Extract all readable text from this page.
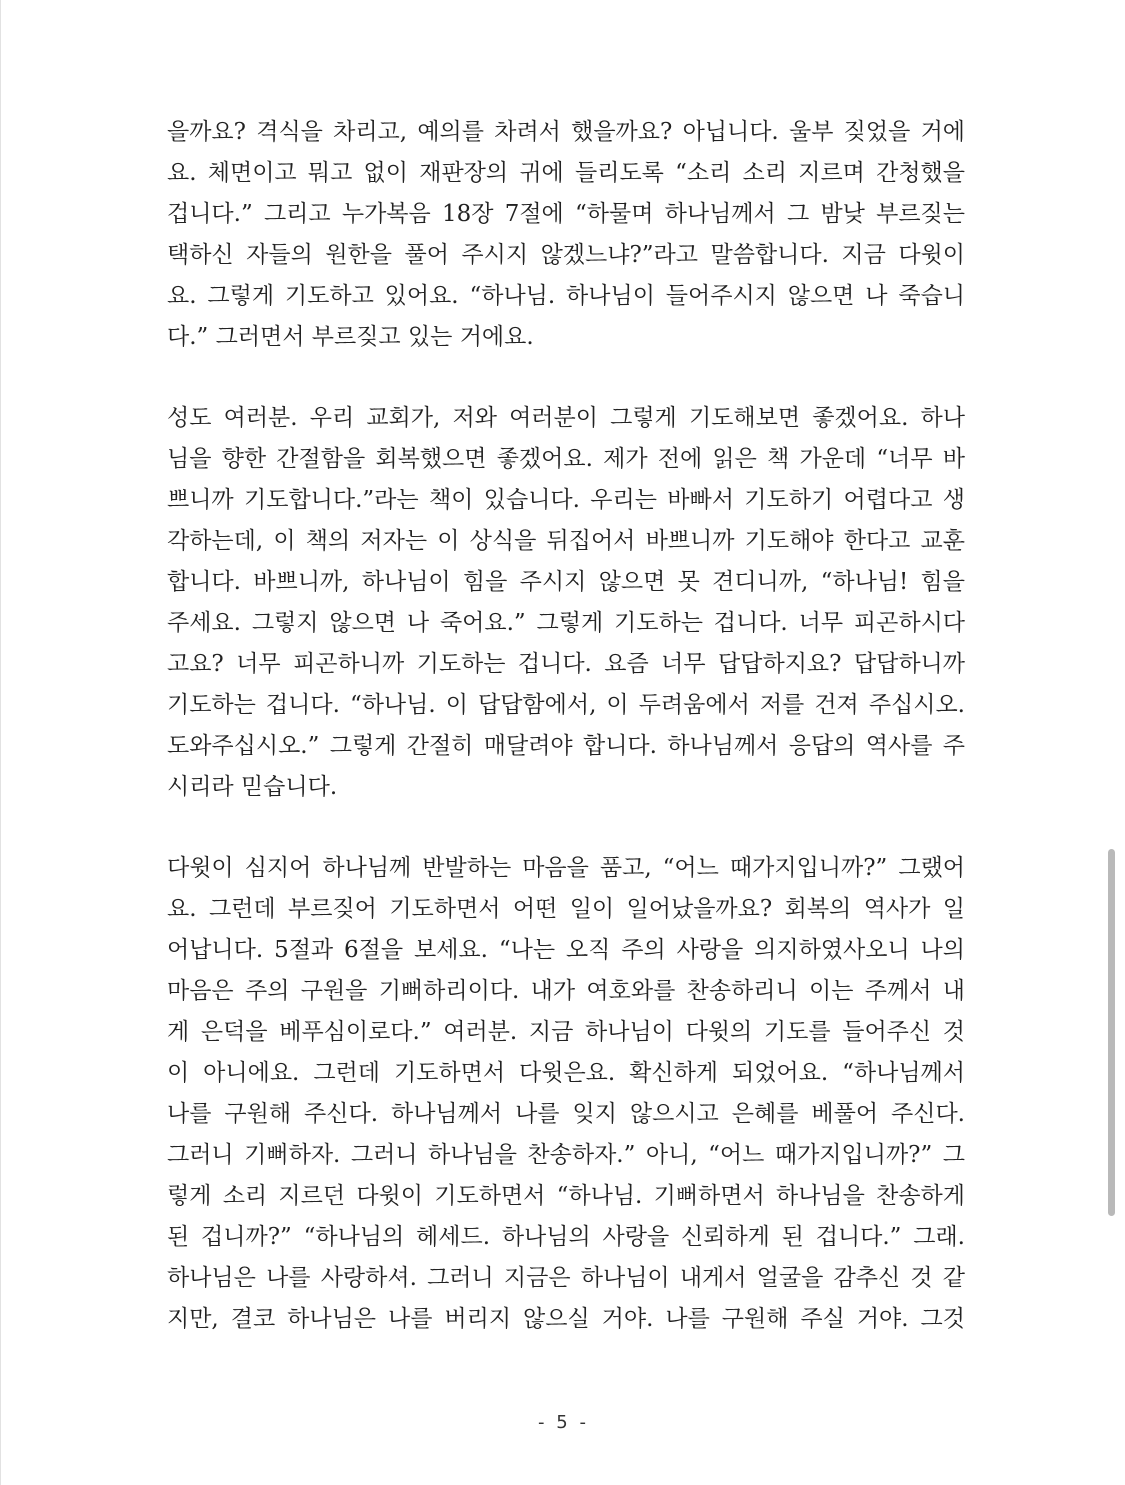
을까요? 격식을 차리고, 예의를 차려서 했을까요? 아닙니다. 울부 짖었을 거에
요. 체면이고 뭐고 없이 재판장의 귀에 들리도록 “소리 소리 지르며 간청했을
겁니다.” 그리고 누가복음 18장 7절에 “하물며 하나님께서 그 밤낮 부르짖는
택하신 자들의 원한을 풀어 주시지 않겠느냐?”라고 말씀합니다. 지금 다윗이
요. 그렇게 기도하고 있어요. “하나님. 하나님이 들어주시지 않으면 나 죽습니
다.” 그러면서 부르짖고 있는 거에요.
성도 여러분. 우리 교회가, 저와 여러분이 그렇게 기도해보면 좋겠어요. 하나
님을 향한 간절함을 회복했으면 좋겠어요. 제가 전에 읽은 책 가운데 “너무 바
쁘니까 기도합니다.”라는 책이 있습니다. 우리는 바빠서 기도하기 어렵다고 생
각하는데, 이 책의 저자는 이 상식을 뒤집어서 바쁘니까 기도해야 한다고 교훈
합니다. 바쁘니까, 하나님이 힘을 주시지 않으면 못 견디니까, “하나님! 힘을
주세요. 그렇지 않으면 나 죽어요.” 그렇게 기도하는 겁니다. 너무 피곤하시다
고요? 너무 피곤하니까 기도하는 겁니다. 요즘 너무 답답하지요? 답답하니까
기도하는 겁니다. “하나님. 이 답답함에서, 이 두려움에서 저를 건져 주십시오.
도와주십시오.” 그렇게 간절히 매달려야 합니다. 하나님께서 응답의 역사를 주
시리라 믿습니다.
다윗이 심지어 하나님께 반발하는 마음을 품고, “어느 때가지입니까?” 그랬어
요. 그런데 부르짖어 기도하면서 어떤 일이 일어났을까요? 회복의 역사가 일
어납니다. 5절과 6절을 보세요. “나는 오직 주의 사랑을 의지하였사오니 나의
마음은 주의 구원을 기뻐하리이다. 내가 여호와를 찬송하리니 이는 주께서 내
게 은덕을 베푸심이로다.” 여러분. 지금 하나님이 다윗의 기도를 들어주신 것
이 아니에요. 그런데 기도하면서 다윗은요. 확신하게 되었어요. “하나님께서
나를 구원해 주신다. 하나님께서 나를 잊지 않으시고 은혜를 베풀어 주신다.
그러니 기뻐하자. 그러니 하나님을 찬송하자.” 아니, “어느 때가지입니까?” 그
렇게 소리 지르던 다윗이 기도하면서 “하나님. 기뻐하면서 하나님을 찬송하게
된 겁니까?” “하나님의 헤세드. 하나님의 사랑을 신뢰하게 된 겁니다.” 그래.
하나님은 나를 사랑하셔. 그러니 지금은 하나님이 내게서 얼굴을 감추신 것 같
지만, 결코 하나님은 나를 버리지 않으실 거야. 나를 구원해 주실 거야. 그것
- 5 -
